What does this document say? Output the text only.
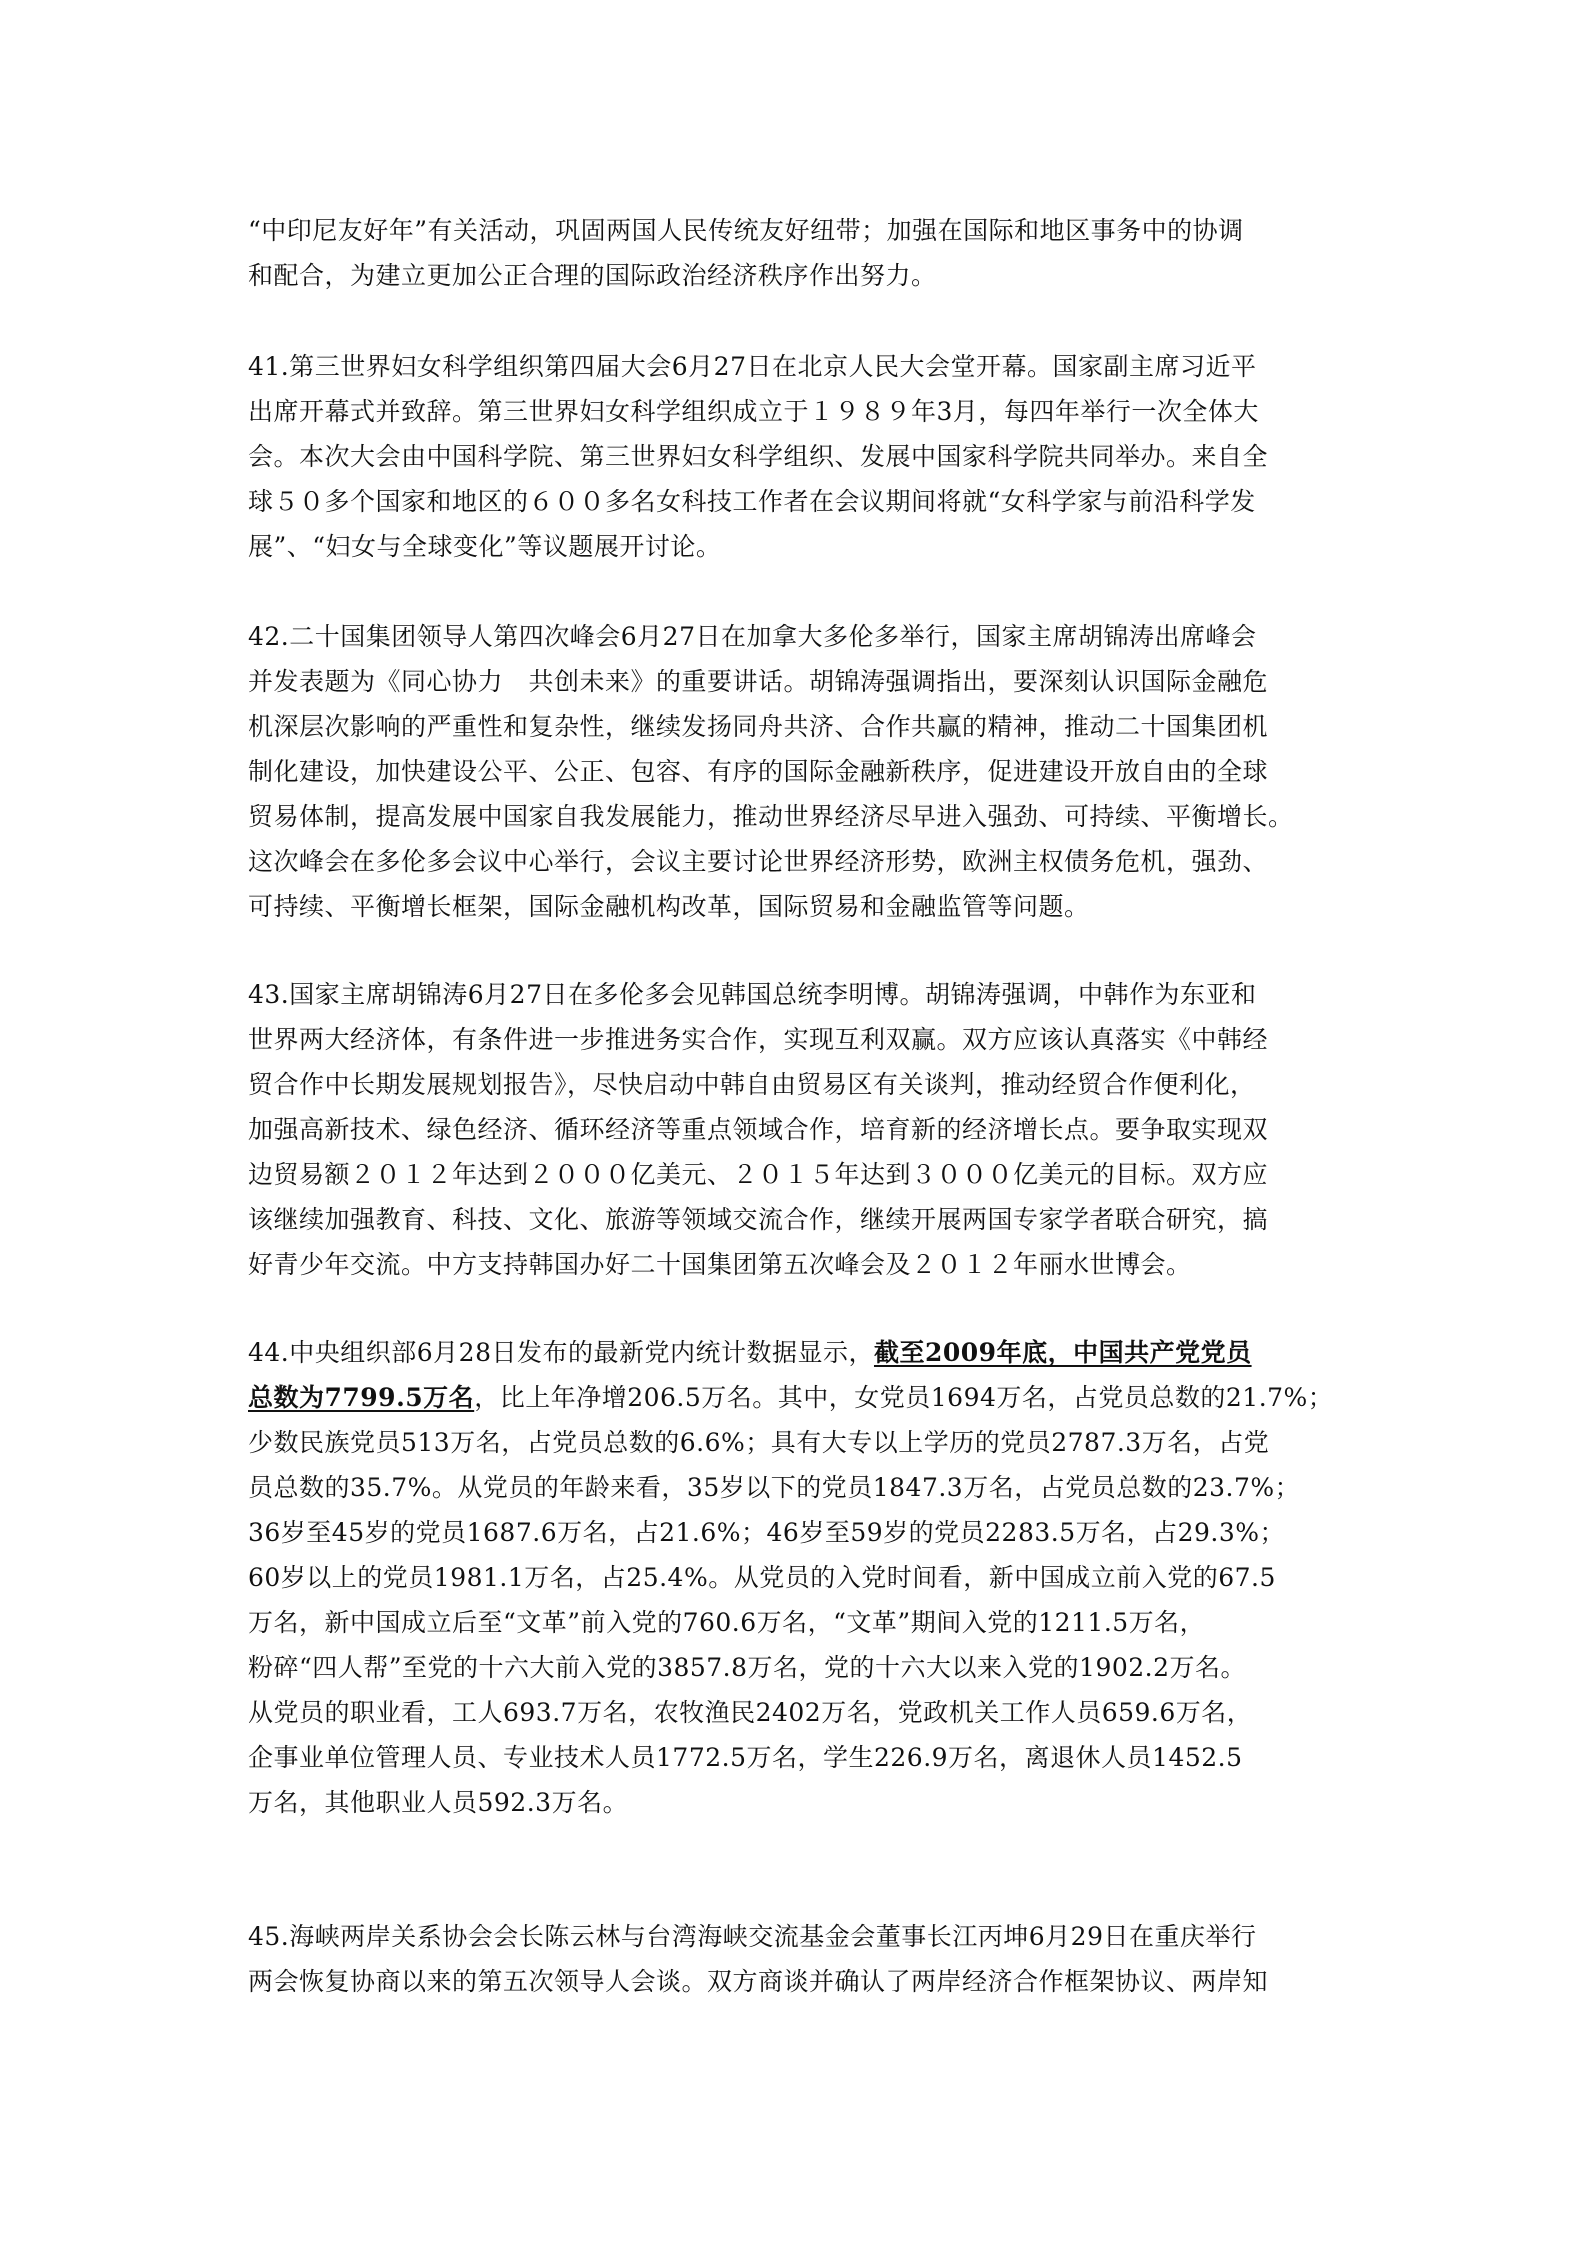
“中印尼友好年”有关活动，巩固两国人民传统友好纽带；加强在国际和地区事务中的协调
和配合，为建立更加公正合理的国际政治经济秩序作出努力。
41.第三世界妇女科学组织第四届大会6月27日在北京人民大会堂开幕。国家副主席习近平
出席开幕式并致辞。第三世界妇女科学组织成立于１９８９年3月，每四年举行一次全体大
会。本次大会由中国科学院、第三世界妇女科学组织、发展中国家科学院共同举办。来自全
球５０多个国家和地区的６００多名女科技工作者在会议期间将就“女科学家与前沿科学发
展”、“妇女与全球变化”等议题展开讨论。
42.二十国集团领导人第四次峰会6月27日在加拿大多伦多举行，国家主席胡锦涛出席峰会
并发表题为《同心协力　共创未来》的重要讲话。胡锦涛强调指出，要深刻认识国际金融危
机深层次影响的严重性和复杂性，继续发扬同舟共济、合作共赢的精神，推动二十国集团机
制化建设，加快建设公平、公正、包容、有序的国际金融新秩序，促进建设开放自由的全球
贸易体制，提高发展中国家自我发展能力，推动世界经济尽早进入强劲、可持续、平衡增长。
这次峰会在多伦多会议中心举行，会议主要讨论世界经济形势，欧洲主权债务危机，强劲、
可持续、平衡增长框架，国际金融机构改革，国际贸易和金融监管等问题。
43.国家主席胡锦涛6月27日在多伦多会见韩国总统李明博。胡锦涛强调，中韩作为东亚和
世界两大经济体，有条件进一步推进务实合作，实现互利双赢。双方应该认真落实《中韩经
贸合作中长期发展规划报告》，尽快启动中韩自由贸易区有关谈判，推动经贸合作便利化，
加强高新技术、绿色经济、循环经济等重点领域合作，培育新的经济增长点。要争取实现双
边贸易额２０１２年达到２０００亿美元、２０１５年达到３０００亿美元的目标。双方应
该继续加强教育、科技、文化、旅游等领域交流合作，继续开展两国专家学者联合研究，搞
好青少年交流。中方支持韩国办好二十国集团第五次峰会及２０１２年丽水世博会。
44.中央组织部6月28日发布的最新党内统计数据显示，截至2009年底，中国共产党党员
总数为7799.5万名，比上年净增206.5万名。其中，女党员1694万名，占党员总数的21.7%；
少数民族党员513万名，占党员总数的6.6%；具有大专以上学历的党员2787.3万名，占党
员总数的35.7%。从党员的年龄来看，35岁以下的党员1847.3万名，占党员总数的23.7%；
36岁至45岁的党员1687.6万名，占21.6%；46岁至59岁的党员2283.5万名，占29.3%；
60岁以上的党员1981.1万名，占25.4%。从党员的入党时间看，新中国成立前入党的67.5
万名，新中国成立后至“文革”前入党的760.6万名，“文革”期间入党的1211.5万名，
粉碎“四人帮”至党的十六大前入党的3857.8万名，党的十六大以来入党的1902.2万名。
从党员的职业看，工人693.7万名，农牧渔民2402万名，党政机关工作人员659.6万名，
企事业单位管理人员、专业技术人员1772.5万名，学生226.9万名，离退休人员1452.5
万名，其他职业人员592.3万名。
45.海峡两岸关系协会会长陈云林与台湾海峡交流基金会董事长江丙坤6月29日在重庆举行
两会恢复协商以来的第五次领导人会谈。双方商谈并确认了两岸经济合作框架协议、两岸知
